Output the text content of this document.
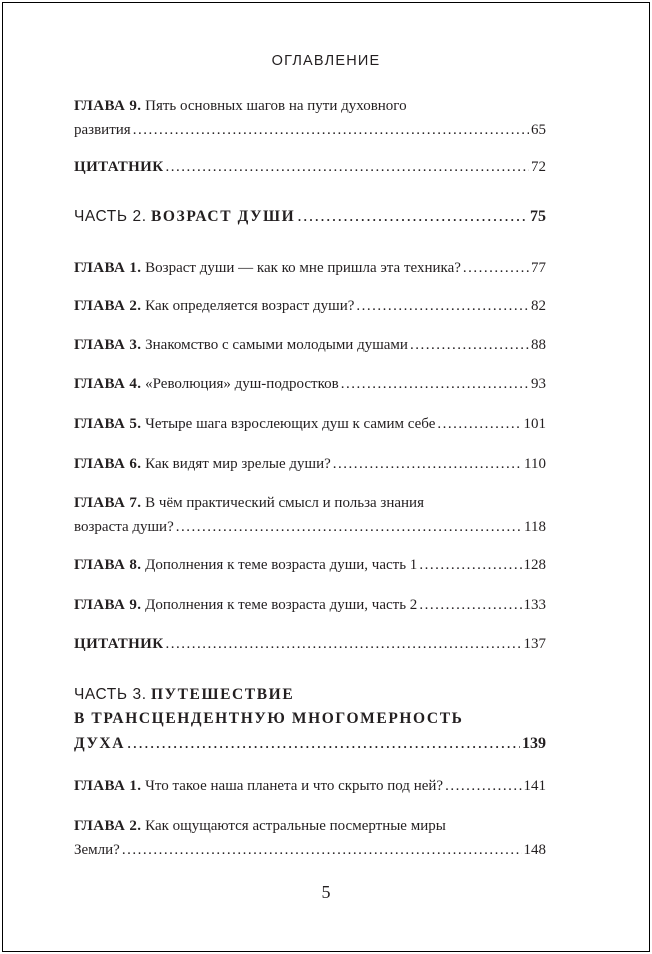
ОГЛАВЛЕНИЕ
ГЛАВА 9.
Пять основных шагов на пути духовного
развития .....	65
ЦИТАТНИК .....	72
ЧАСТЬ 2.
ВОЗРАСТ ДУШИ .....	75
ГЛАВА 1.
Возраст души — как ко мне пришла эта техника? .....	77
ГЛАВА 2.
Как определяется возраст души? .....	82
ГЛАВА 3.
Знакомство с самыми молодыми душами .....	88
ГЛАВА 4.
«Революция» душ-подростков .....	93
ГЛАВА 5.
Четыре шага взрослеющих душ к самим себе .....	101
ГЛАВА 6.
Как видят мир зрелые души? .....	110
ГЛАВА 7.
В чём практический смысл и польза знания
возраста души? .....	118
ГЛАВА 8.
Дополнения к теме возраста души, часть 1 .....	128
ГЛАВА 9.
Дополнения к теме возраста души, часть 2 .....	133
ЦИТАТНИК .....	137
ЧАСТЬ 3.
ПУТЕШЕСТВИЕ
В ТРАНСЦЕНДЕНТНУЮ МНОГОМЕРНОСТЬ
ДУХА .....	139
ГЛАВА 1.
Что такое наша планета и что скрыто под ней? .....	141
ГЛАВА 2.
Как ощущаются астральные посмертные миры
Земли? .....	148
5
